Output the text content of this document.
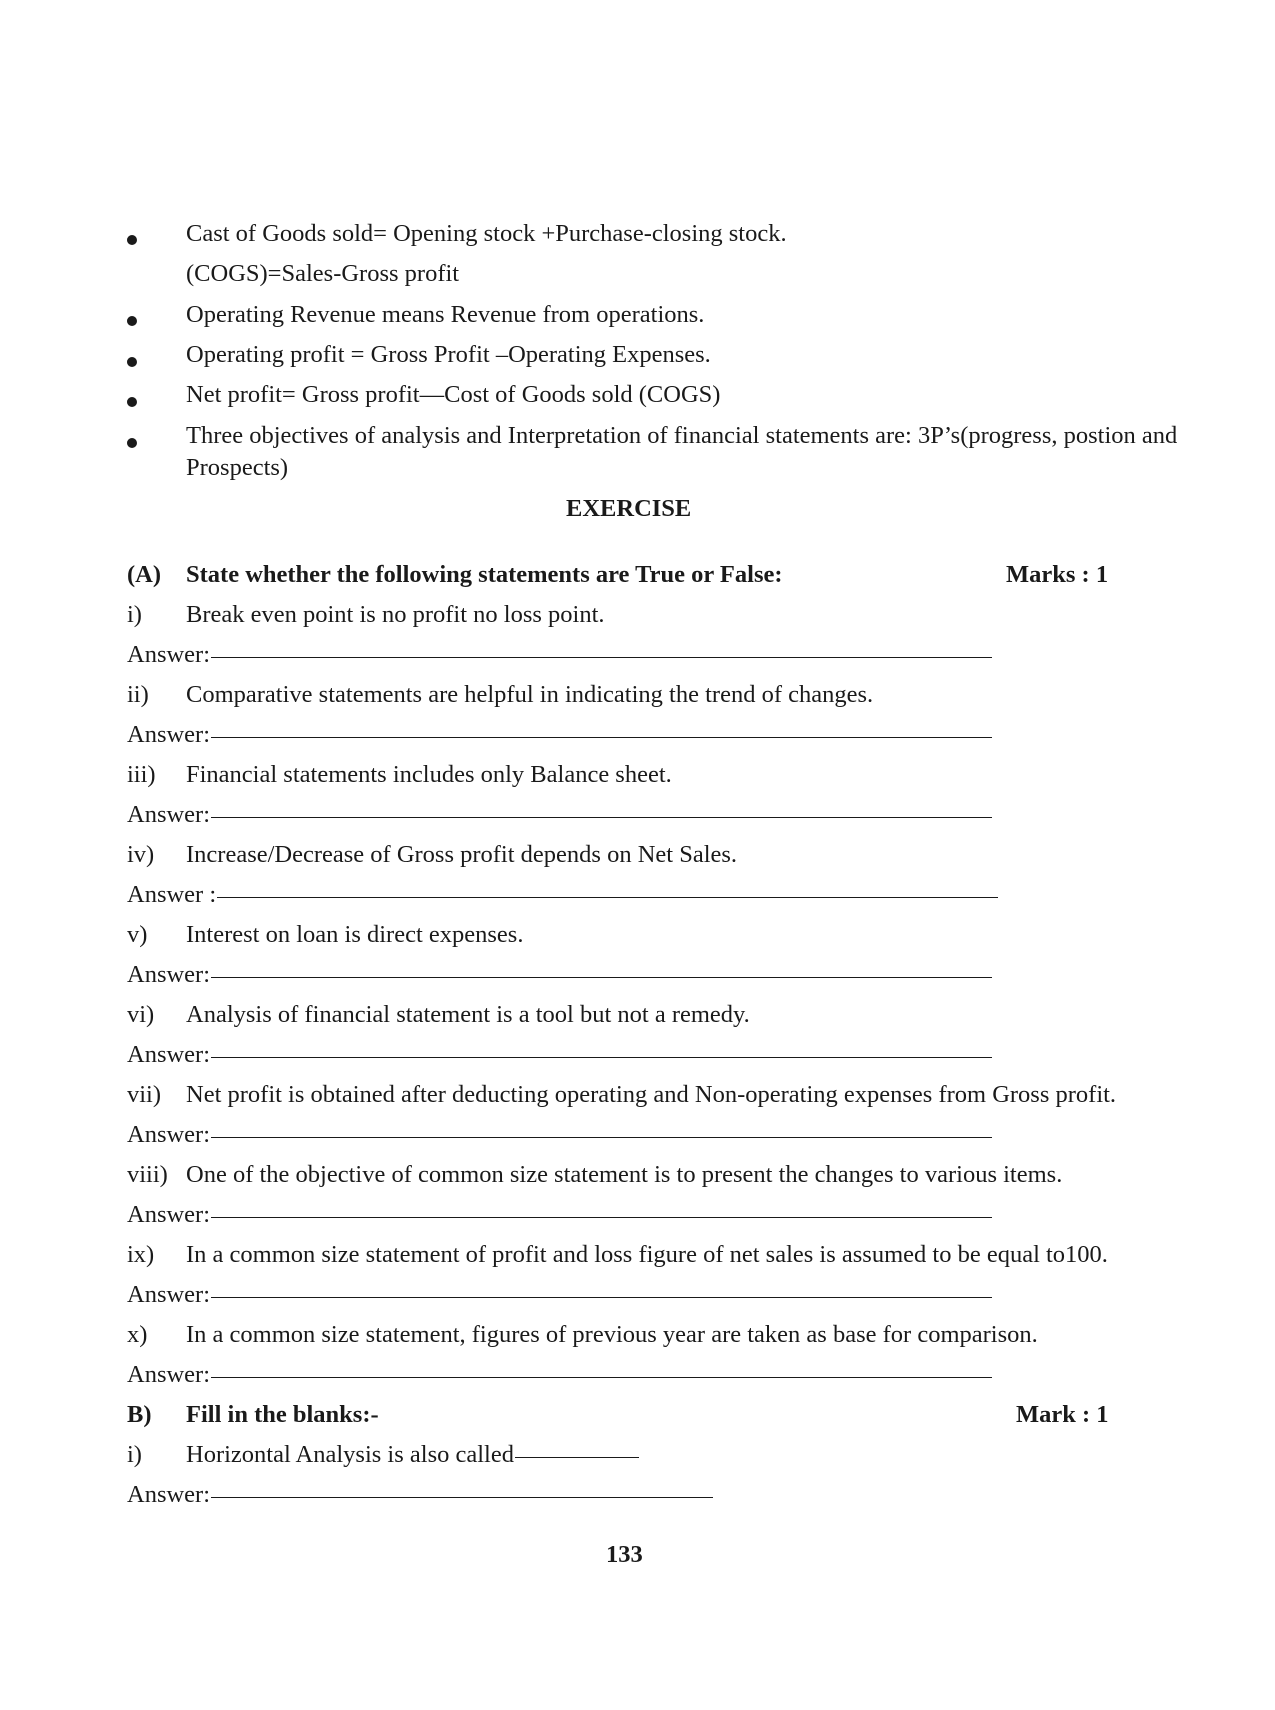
Cast of Goods sold= Opening stock +Purchase-closing stock.
(COGS)=Sales-Gross profit
Operating Revenue means Revenue from operations.
Operating profit = Gross Profit –Operating Expenses.
Net profit= Gross profit—Cost of Goods sold (COGS)
Three objectives of analysis and Interpretation of financial statements are: 3P’s(progress, postion and
Prospects)
EXERCISE
(A) State whether the following statements are True or False:	Marks : 1
i) Break even point is no profit no loss point.
Answer:
ii) Comparative statements are helpful in indicating the trend of changes.
Answer:
iii) Financial statements includes only Balance sheet.
Answer:
iv) Increase/Decrease of Gross profit depends on Net Sales.
Answer :
v) Interest on loan is direct expenses.
Answer:
vi) Analysis of financial statement is a tool but not a remedy.
Answer:
vii) Net profit is obtained after deducting operating and Non-operating expenses from Gross profit.
Answer:
viii) One of the objective of common size statement is to present the changes to various items.
Answer:
ix) In a common size statement of profit and loss figure of net sales is assumed to be equal to100.
Answer:
x) In a common size statement, figures of previous year are taken as base for comparison.
Answer:
B) Fill in the blanks:-	Mark : 1
i) Horizontal Analysis is also called
Answer:
133
